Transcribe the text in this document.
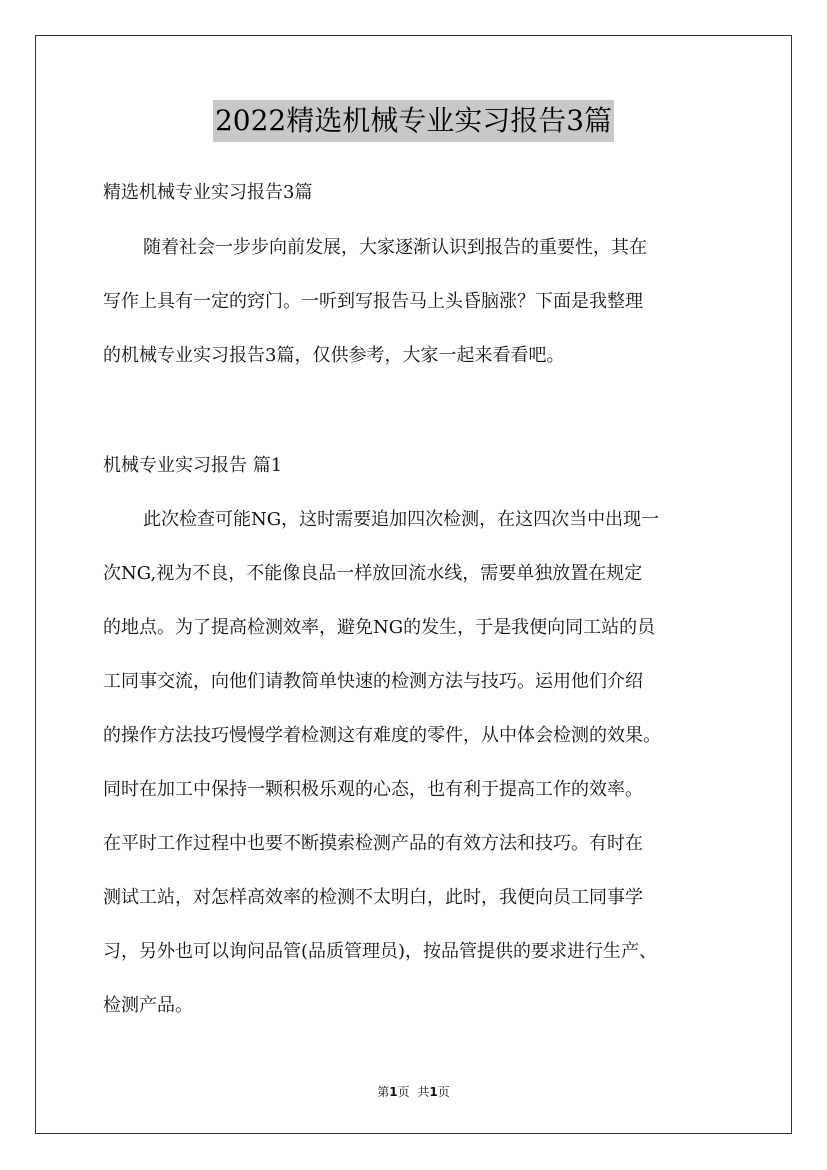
2022精选机械专业实习报告3篇
精选机械专业实习报告3篇
随着社会一步步向前发展，大家逐渐认识到报告的重要性，其在
写作上具有一定的窍门。一听到写报告马上头昏脑涨？下面是我整理
的机械专业实习报告3篇，仅供参考，大家一起来看看吧。
机械专业实习报告 篇1
此次检查可能NG，这时需要追加四次检测，在这四次当中出现一
次NG,视为不良，不能像良品一样放回流水线，需要单独放置在规定
的地点。为了提高检测效率，避免NG的发生，于是我便向同工站的员
工同事交流，向他们请教简单快速的检测方法与技巧。运用他们介绍
的操作方法技巧慢慢学着检测这有难度的零件，从中体会检测的效果。
同时在加工中保持一颗积极乐观的心态，也有利于提高工作的效率。
在平时工作过程中也要不断摸索检测产品的有效方法和技巧。有时在
测试工站，对怎样高效率的检测不太明白，此时，我便向员工同事学
习，另外也可以询问品管(品质管理员)，按品管提供的要求进行生产、
检测产品。
第1页 共1页
